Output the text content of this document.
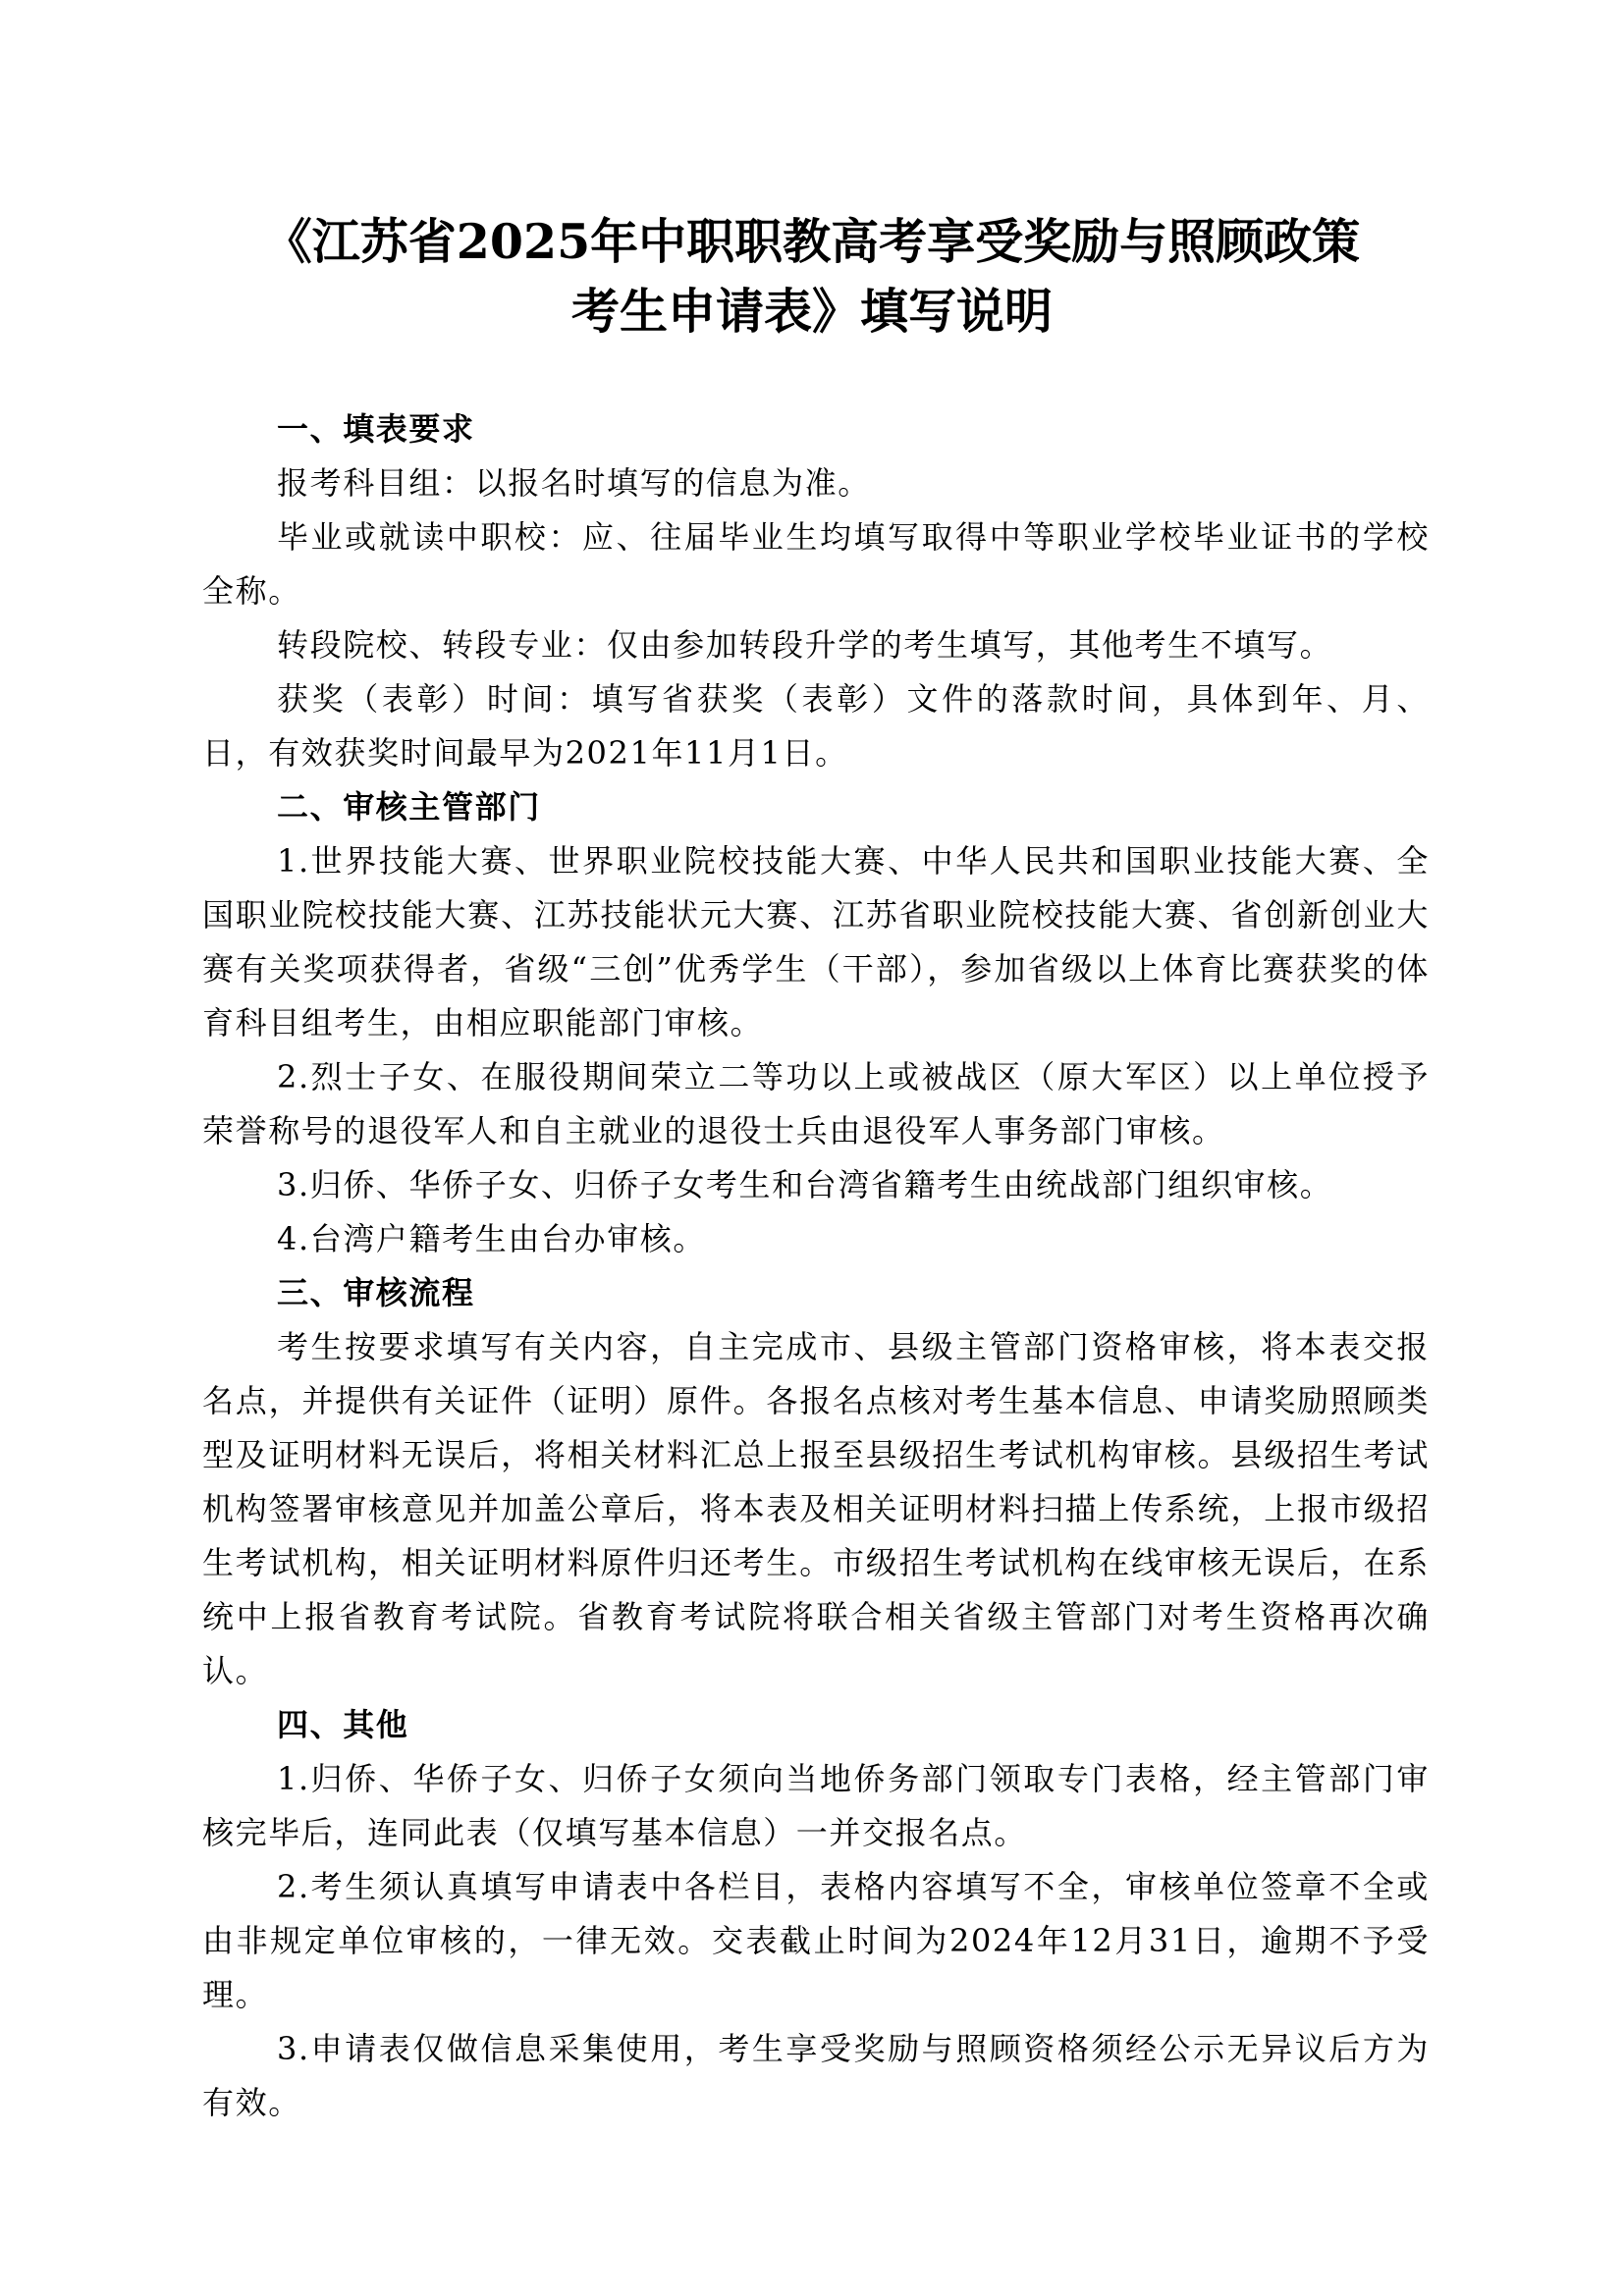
《江苏省2025年中职职教高考享受奖励与照顾政策
考生申请表》填写说明
一、填表要求

报考科目组：以报名时填写的信息为准。

毕业或就读中职校：应、往届毕业生均填写取得中等职业学校毕业证书的学校全称。

转段院校、转段专业：仅由参加转段升学的考生填写，其他考生不填写。

获奖（表彰）时间：填写省获奖（表彰）文件的落款时间，具体到年、月、日，有效获奖时间最早为2021年11月1日。

二、审核主管部门

1.世界技能大赛、世界职业院校技能大赛、中华人民共和国职业技能大赛、全国职业院校技能大赛、江苏技能状元大赛、江苏省职业院校技能大赛、省创新创业大赛有关奖项获得者，省级“三创”优秀学生（干部），参加省级以上体育比赛获奖的体育科目组考生，由相应职能部门审核。

2.烈士子女、在服役期间荣立二等功以上或被战区（原大军区）以上单位授予荣誉称号的退役军人和自主就业的退役士兵由退役军人事务部门审核。

3.归侨、华侨子女、归侨子女考生和台湾省籍考生由统战部门组织审核。

4.台湾户籍考生由台办审核。

三、审核流程

考生按要求填写有关内容，自主完成市、县级主管部门资格审核，将本表交报名点，并提供有关证件（证明）原件。各报名点核对考生基本信息、申请奖励照顾类型及证明材料无误后，将相关材料汇总上报至县级招生考试机构审核。县级招生考试机构签署审核意见并加盖公章后，将本表及相关证明材料扫描上传系统，上报市级招生考试机构，相关证明材料原件归还考生。市级招生考试机构在线审核无误后，在系统中上报省教育考试院。省教育考试院将联合相关省级主管部门对考生资格再次确认。

四、其他

1.归侨、华侨子女、归侨子女须向当地侨务部门领取专门表格，经主管部门审核完毕后，连同此表（仅填写基本信息）一并交报名点。

2.考生须认真填写申请表中各栏目，表格内容填写不全，审核单位签章不全或由非规定单位审核的，一律无效。交表截止时间为2024年12月31日，逾期不予受理。

3.申请表仅做信息采集使用，考生享受奖励与照顾资格须经公示无异议后方为有效。
